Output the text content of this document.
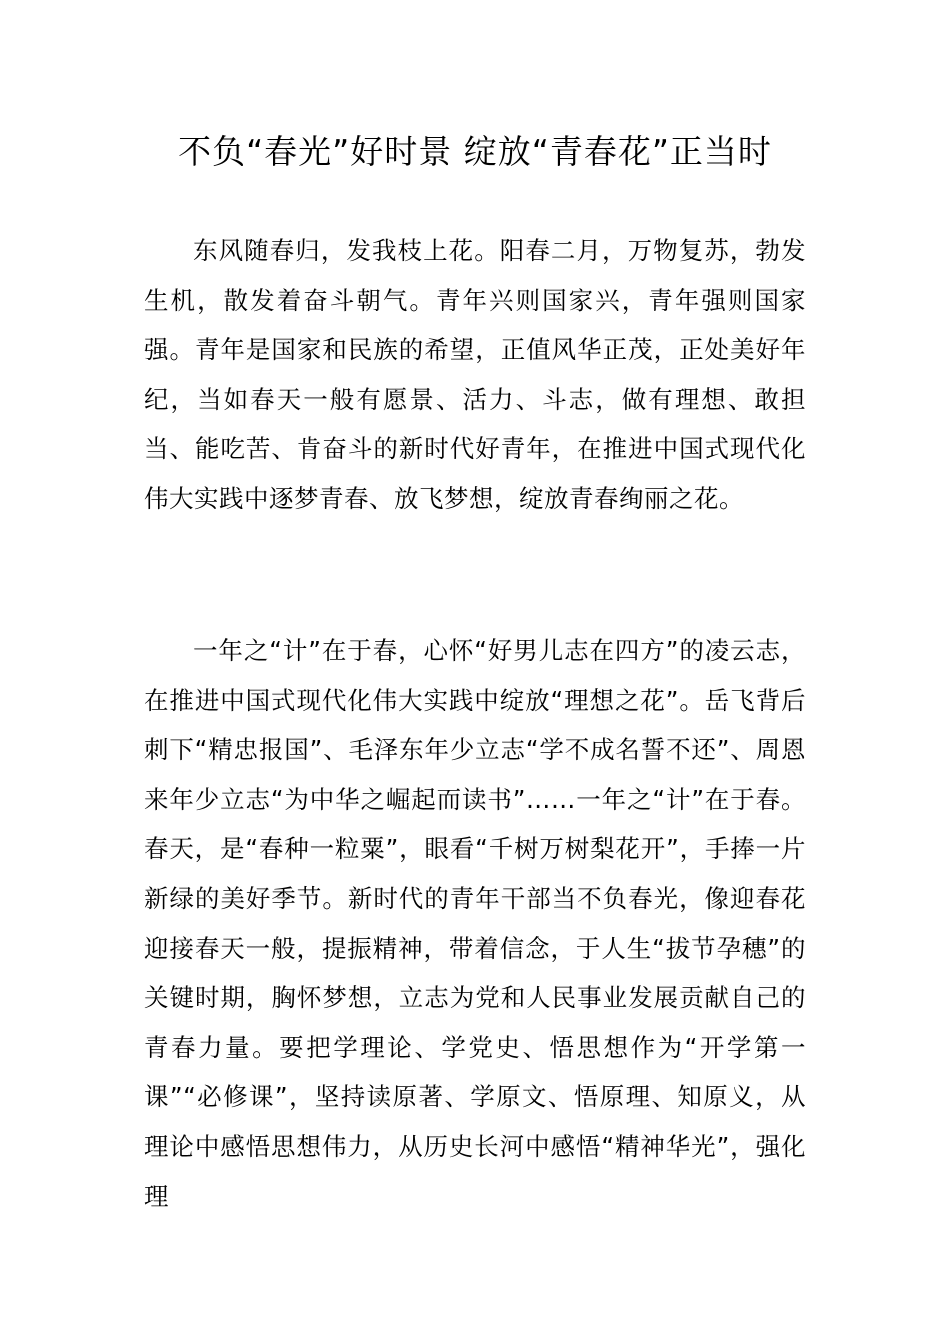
不负“春光”好时景 绽放“青春花”正当时

东风随春归，发我枝上花。阳春二月，万物复苏，勃发生机，散发着奋斗朝气。青年兴则国家兴，青年强则国家强。青年是国家和民族的希望，正值风华正茂，正处美好年纪，当如春天一般有愿景、活力、斗志，做有理想、敢担当、能吃苦、肯奋斗的新时代好青年，在推进中国式现代化伟大实践中逐梦青春、放飞梦想，绽放青春绚丽之花。

一年之“计”在于春，心怀“好男儿志在四方”的凌云志，在推进中国式现代化伟大实践中绽放“理想之花”。岳飞背后刺下“精忠报国”、毛泽东年少立志“学不成名誓不还”、周恩来年少立志“为中华之崛起而读书”……一年之“计”在于春。春天，是“春种一粒粟”，眼看“千树万树梨花开”，手捧一片新绿的美好季节。新时代的青年干部当不负春光，像迎春花迎接春天一般，提振精神，带着信念，于人生“拔节孕穗”的关键时期，胸怀梦想，立志为党和人民事业发展贡献自己的青春力量。要把学理论、学党史、悟思想作为“开学第一课”“必修课”，坚持读原著、学原文、悟原理、知原义，从理论中感悟思想伟力，从历史长河中感悟“精神华光”，强化理
